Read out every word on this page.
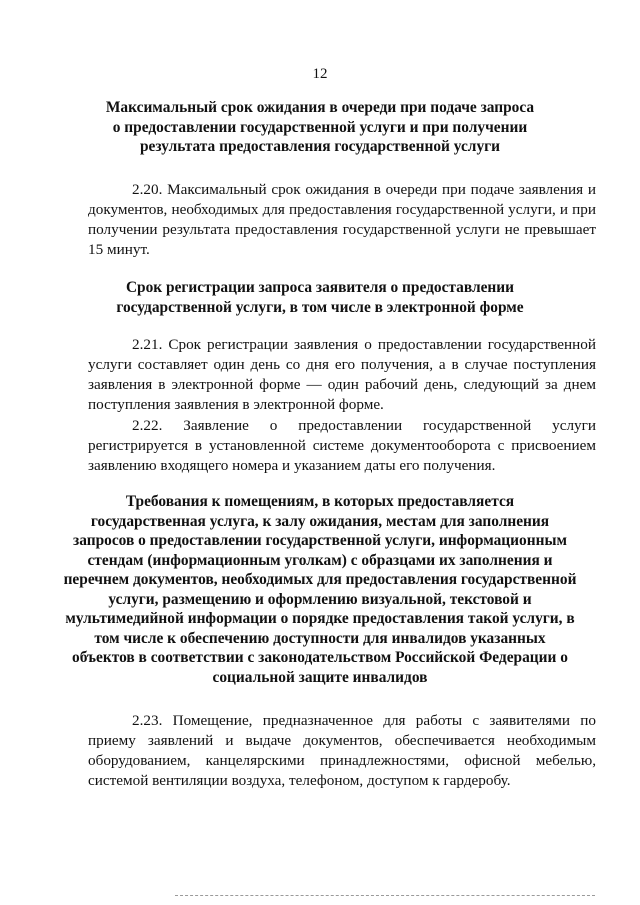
12
Максимальный срок ожидания в очереди при подаче запроса
о предоставлении государственной услуги и при получении
результата предоставления государственной услуги
2.20. Максимальный срок ожидания в очереди при подаче заявления и
документов, необходимых для предоставления государственной услуги, и при
получении результата предоставления государственной услуги не превышает
15 минут.
Срок регистрации запроса заявителя о предоставлении
государственной услуги, в том числе в электронной форме
2.21. Срок регистрации заявления о предоставлении государственной
услуги составляет один день со дня его получения, а в случае поступления
заявления в электронной форме — один рабочий день, следующий за днем
поступления заявления в электронной форме.
2.22. Заявление о предоставлении государственной услуги
регистрируется в установленной системе документооборота с присвоением
заявлению входящего номера и указанием даты его получения.
Требования к помещениям, в которых предоставляется
государственная услуга, к залу ожидания, местам для заполнения
запросов о предоставлении государственной услуги, информационным
стендам (информационным уголкам) с образцами их заполнения и
перечнем документов, необходимых для предоставления государственной
услуги, размещению и оформлению визуальной, текстовой и
мультимедийной информации о порядке предоставления такой услуги, в
том числе к обеспечению доступности для инвалидов указанных
объектов в соответствии с законодательством Российской Федерации о
социальной защите инвалидов
2.23. Помещение, предназначенное для работы с заявителями по
приему заявлений и выдаче документов, обеспечивается необходимым
оборудованием, канцелярскими принадлежностями, офисной мебелью,
системой вентиляции воздуха, телефоном, доступом к гардеробу.
